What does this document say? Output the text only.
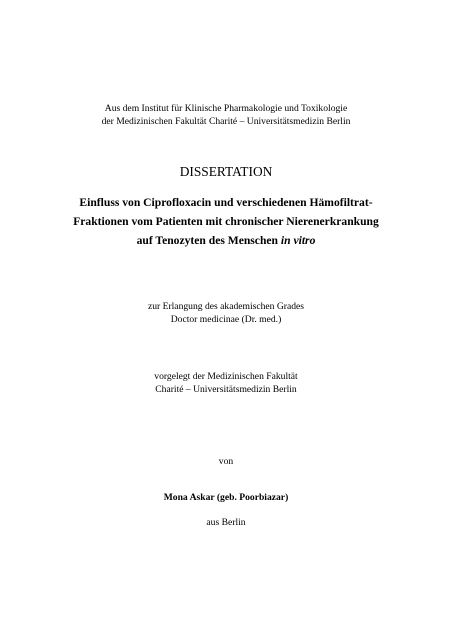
Aus dem Institut für Klinische Pharmakologie und Toxikologie
der Medizinischen Fakultät Charité – Universitätsmedizin Berlin
DISSERTATION
Einfluss von Ciprofloxacin und verschiedenen Hämofiltrat-
Fraktionen vom Patienten mit chronischer Nierenerkrankung
auf Tenozyten des Menschen in vitro
zur Erlangung des akademischen Grades
Doctor medicinae (Dr. med.)
vorgelegt der Medizinischen Fakultät
Charité – Universitätsmedizin Berlin
von
Mona Askar (geb. Poorbiazar)
aus Berlin
